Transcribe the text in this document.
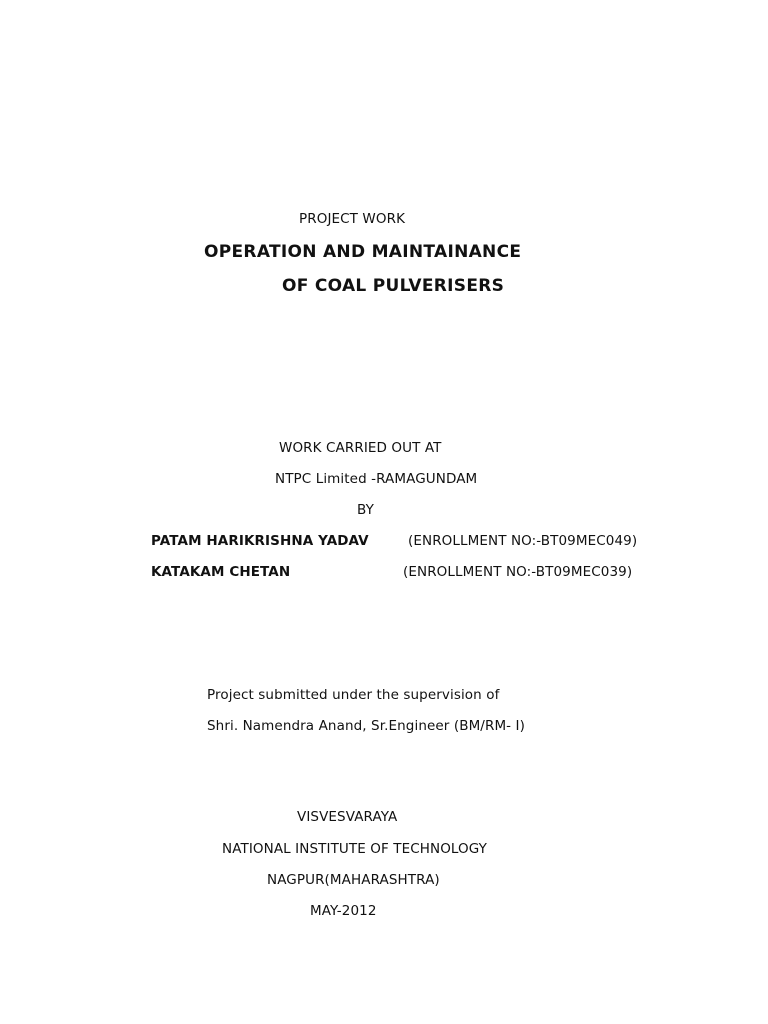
PROJECT WORK
OPERATION AND MAINTAINANCE
OF COAL PULVERISERS
WORK CARRIED OUT AT
NTPC Limited -RAMAGUNDAM
BY
PATAM HARIKRISHNA YADAV	(ENROLLMENT NO:-BT09MEC049)
KATAKAM CHETAN	(ENROLLMENT NO:-BT09MEC039)
Project submitted under the supervision of
Shri. Namendra Anand, Sr.Engineer (BM/RM- I)
VISVESVARAYA
NATIONAL INSTITUTE OF TECHNOLOGY
NAGPUR(MAHARASHTRA)
MAY-2012
